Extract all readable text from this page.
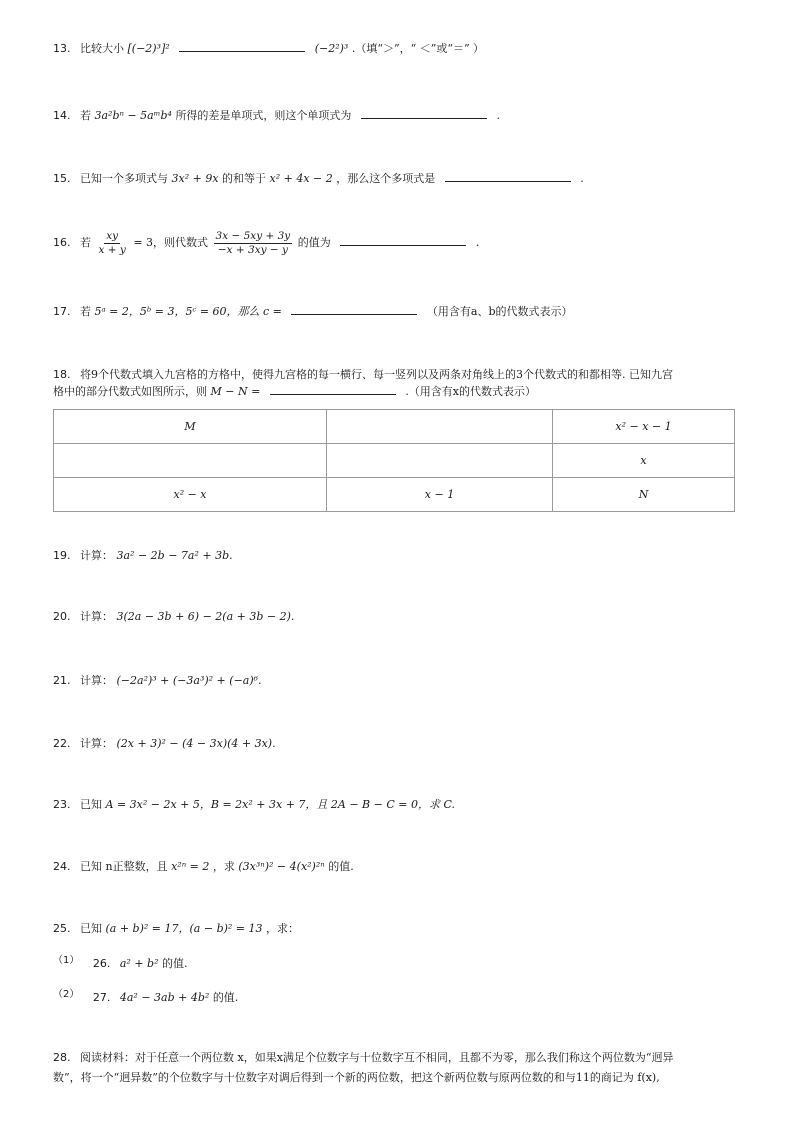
13. 比较大小 [(−2)³]²	(−2²)³ .（填“＞”，“ ＜”或“＝” ）
14. 若 3a²bⁿ − 5aᵐb⁴ 所得的差是单项式，则这个单项式为	.
15. 已知一个多项式与 3x² + 9x 的和等于 x² + 4x − 2 ，那么这个多项式是	.
16. 若 $\frac{xy}{x + y} = 3$，则代数式 $\frac{3x - 5xy + 3y}{-x + 3xy - y}$ 的值为	.
17. 若 5ᵃ = 2，5ᵇ = 3，5ᶜ = 60，那么 c =	（用含有a、b的代数式表示）
18. 将9个代数式填入九宫格的方格中，使得九宫格的每一横行、每一竖列以及两条对角线上的3个代数式的和都相等. 已知九宫
格中的部分代数式如图所示，则 M − N =	.（用含有x的代数式表示）
M		x² − x − 1
		x
x² − x	x − 1	N
19. 计算： 3a² − 2b − 7a² + 3b.
20. 计算： 3(2a − 3b + 6) − 2(a + 3b − 2).
21. 计算： (−2a²)³ + (−3a³)² + (−a)⁶.
22. 计算： (2x + 3)² − (4 − 3x)(4 + 3x).
23. 已知 A = 3x² − 2x + 5，B = 2x² + 3x + 7，且 2A − B − C = 0，求 C.
24. 已知 n正整数，且 x²ⁿ = 2 ，求 (3x³ⁿ)² − 4(x²)²ⁿ 的值.
25. 已知 (a + b)² = 17，(a − b)² = 13 ，求：
（1） 26. a² + b² 的值.
（2） 27. 4a² − 3ab + 4b² 的值.
28. 阅读材料：对于任意一个两位数 x，如果x满足个位数字与十位数字互不相同，且都不为零，那么我们称这个两位数为“迥异
数”，将一个“迥异数”的个位数字与十位数字对调后得到一个新的两位数，把这个新两位数与原两位数的和与11的商记为 f(x),
